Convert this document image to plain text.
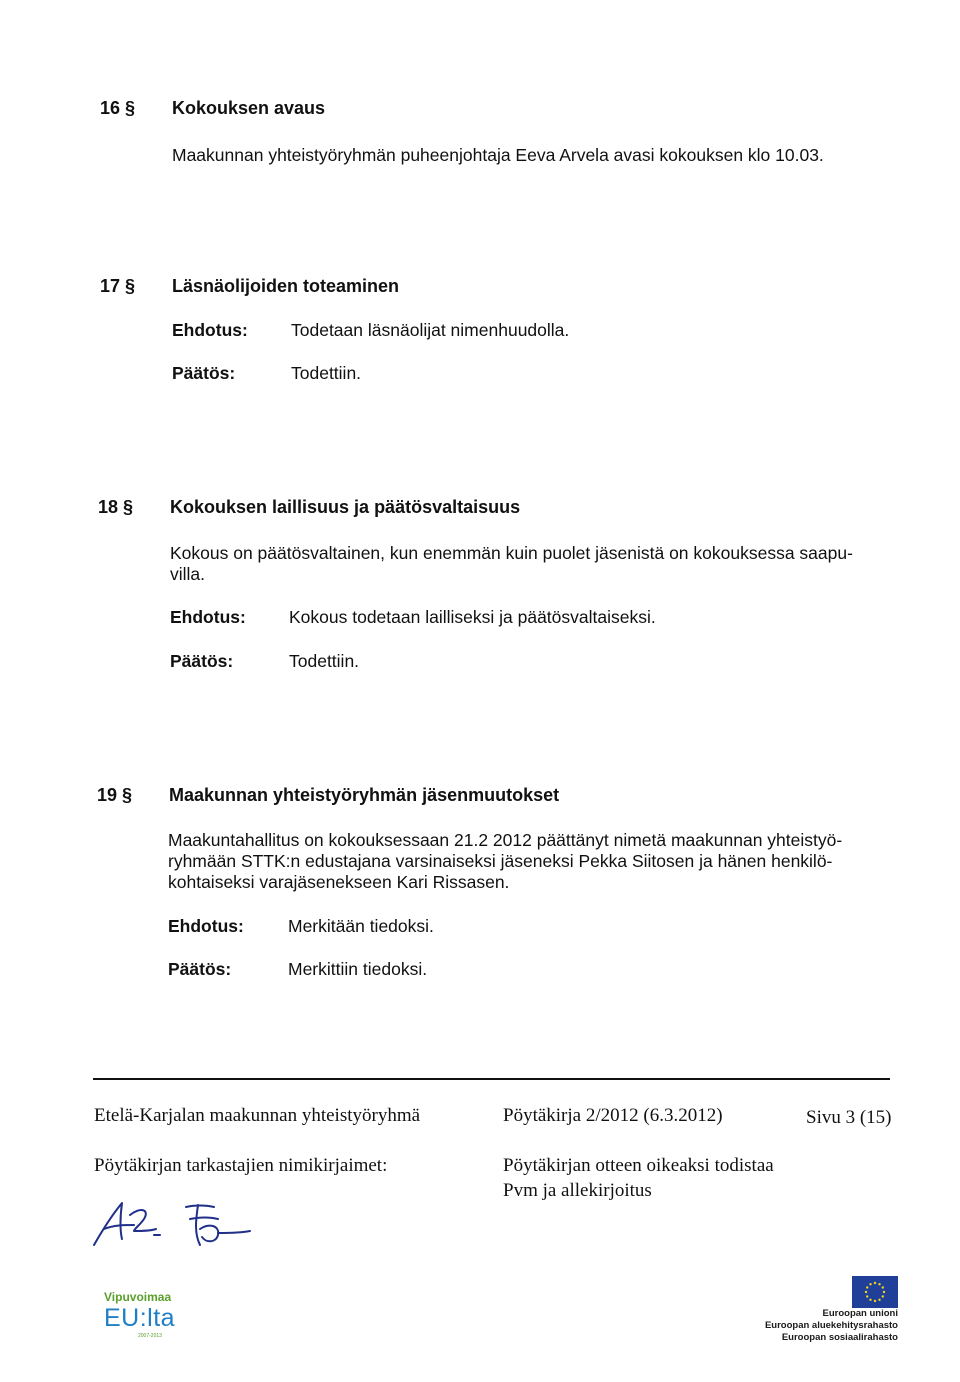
16 § Kokouksen avaus
Maakunnan yhteistyöryhmän puheenjohtaja Eeva Arvela avasi kokouksen klo 10.03.
17 § Läsnäolijoiden toteaminen
Ehdotus: Todetaan läsnäolijat nimenhuudolla.
Päätös:	Todettiin.
18 § Kokouksen laillisuus ja päätösvaltaisuus
Kokous on päätösvaltainen, kun enemmän kuin puolet jäsenistä on kokouksessa saapu-
villa.
Ehdotus: Kokous todetaan lailliseksi ja päätösvaltaiseksi.
Päätös:	Todettiin.
19 § Maakunnan yhteistyöryhmän jäsenmuutokset
Maakuntahallitus on kokouksessaan 21.2 2012 päättänyt nimetä maakunnan yhteistyö-
ryhmään STTK:n edustajana varsinaiseksi jäseneksi Pekka Siitosen ja hänen henkilö-
kohtaiseksi varajäsenekseen Kari Rissasen.
Ehdotus:	Merkitään tiedoksi.
Päätös:	Merkittiin tiedoksi.
Etelä-Karjalan maakunnan yhteistyöryhmä	Pöytäkirja 2/2012 (6.3.2012)	Sivu 3 (15)
Pöytäkirjan tarkastajien nimikirjaimet:	Pöytäkirjan otteen oikeaksi todistaa
Pvm ja allekirjoitus
Vipuvoimaa
EU:lta
2007-2013
Euroopan unioni
Euroopan aluekehitysrahasto
Euroopan sosiaalirahasto
